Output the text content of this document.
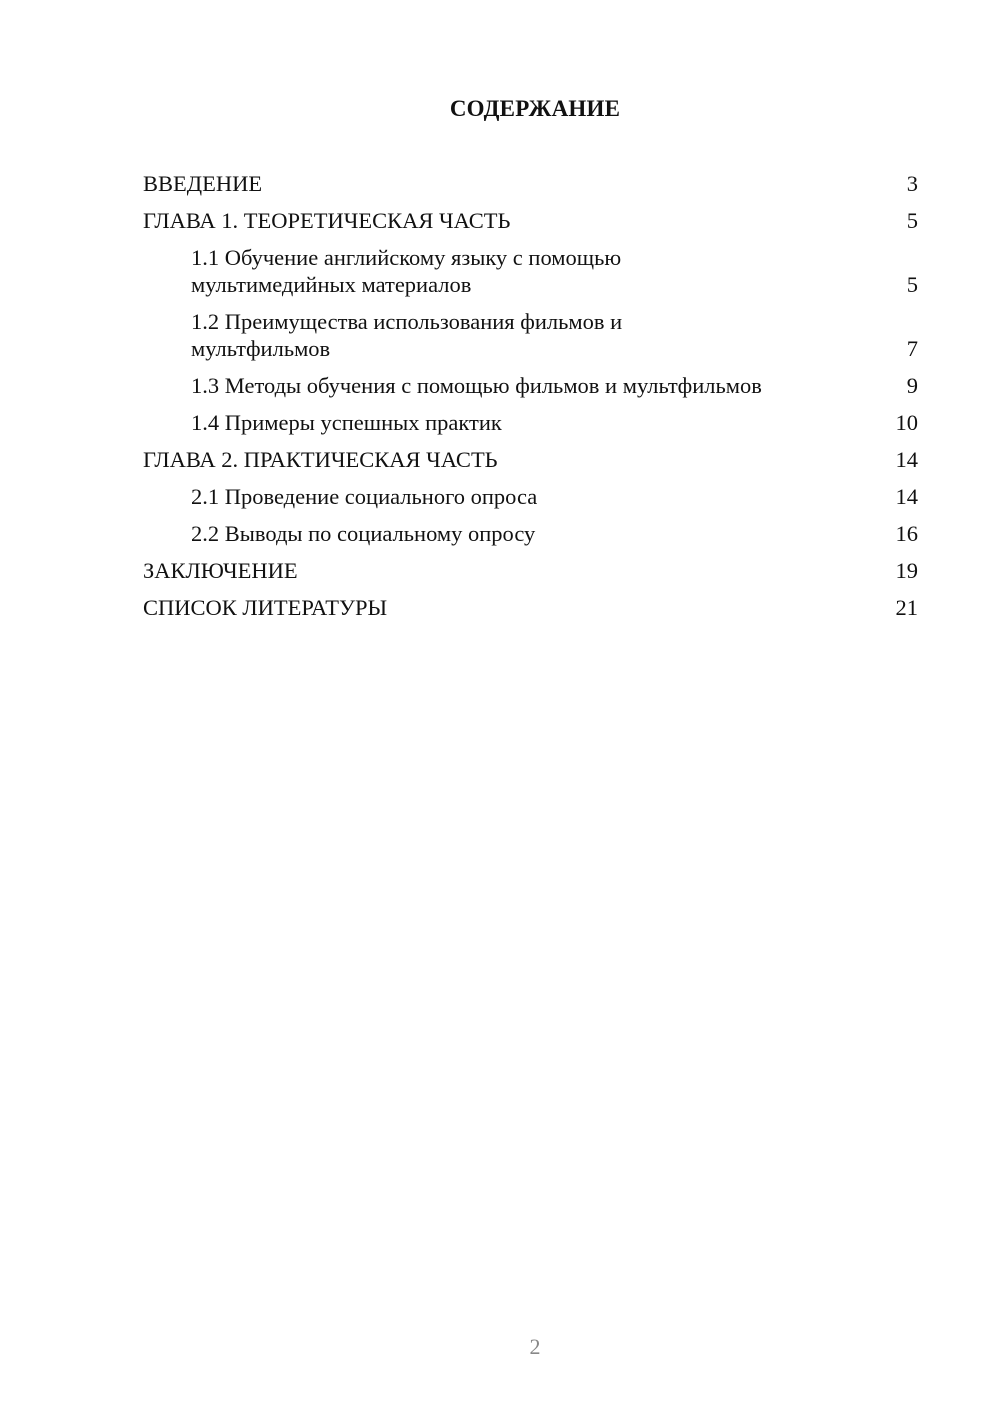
СОДЕРЖАНИЕ
ВВЕДЕНИЕ	3
ГЛАВА 1. ТЕОРЕТИЧЕСКАЯ ЧАСТЬ	5
1.1 Обучение английскому языку с помощью
мультимедийных материалов	5
1.2 Преимущества использования фильмов и
мультфильмов	7
1.3 Методы обучения с помощью фильмов и мультфильмов	9
1.4 Примеры успешных практик	10
ГЛАВА 2. ПРАКТИЧЕСКАЯ ЧАСТЬ	14
2.1 Проведение социального опроса	14
2.2 Выводы по социальному опросу	16
ЗАКЛЮЧЕНИЕ	19
СПИСОК ЛИТЕРАТУРЫ	21
2
